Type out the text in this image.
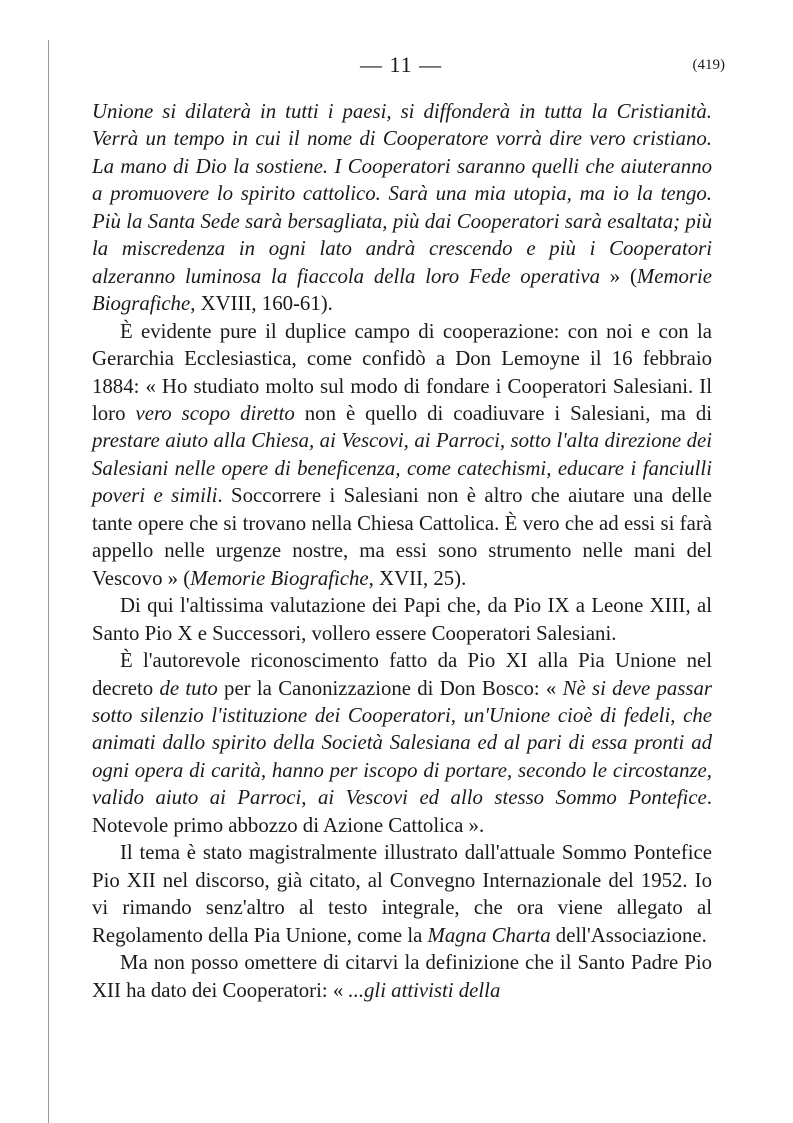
— 11 —	(419)

Unione si dilaterà in tutti i paesi, si diffonderà in tutta la Cristianità. Verrà un tempo in cui il nome di Cooperatore vorrà dire vero cristiano. La mano di Dio la sostiene. I Cooperatori saranno quelli che aiuteranno a promuovere lo spirito cattolico. Sarà una mia utopia, ma io la tengo. Più la Santa Sede sarà bersagliata, più dai Cooperatori sarà esaltata; più la miscredenza in ogni lato andrà crescendo e più i Cooperatori alzeranno luminosa la fiaccola della loro Fede operativa » (Memorie Biografiche, XVIII, 160-61).

È evidente pure il duplice campo di cooperazione: con noi e con la Gerarchia Ecclesiastica, come confidò a Don Lemoyne il 16 febbraio 1884: « Ho studiato molto sul modo di fondare i Cooperatori Salesiani. Il loro vero scopo diretto non è quello di coadiuvare i Salesiani, ma di prestare aiuto alla Chiesa, ai Vescovi, ai Parroci, sotto l'alta direzione dei Salesiani nelle opere di beneficenza, come catechismi, educare i fanciulli poveri e simili. Soccorrere i Salesiani non è altro che aiutare una delle tante opere che si trovano nella Chiesa Cattolica. È vero che ad essi si farà appello nelle urgenze nostre, ma essi sono strumento nelle mani del Vescovo » (Memorie Biografiche, XVII, 25).

Di qui l'altissima valutazione dei Papi che, da Pio IX a Leone XIII, al Santo Pio X e Successori, vollero essere Cooperatori Salesiani.

È l'autorevole riconoscimento fatto da Pio XI alla Pia Unione nel decreto de tuto per la Canonizzazione di Don Bosco: « Nè si deve passar sotto silenzio l'istituzione dei Cooperatori, un'Unione cioè di fedeli, che animati dallo spirito della Società Salesiana ed al pari di essa pronti ad ogni opera di carità, hanno per iscopo di portare, secondo le circostanze, valido aiuto ai Parroci, ai Vescovi ed allo stesso Sommo Pontefice. Notevole primo abbozzo di Azione Cattolica ».

Il tema è stato magistralmente illustrato dall'attuale Sommo Pontefice Pio XII nel discorso, già citato, al Convegno Internazionale del 1952. Io vi rimando senz'altro al testo integrale, che ora viene allegato al Regolamento della Pia Unione, come la Magna Charta dell'Associazione.

Ma non posso omettere di citarvi la definizione che il Santo Padre Pio XII ha dato dei Cooperatori: « ...gli attivisti della
